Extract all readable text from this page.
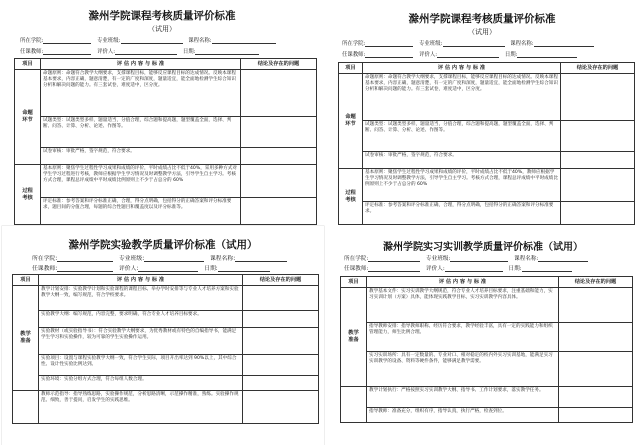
滁州学院课程考核质量评价标准
（试用）
所在学院:	专业班级:	课程名称:
任课教师:	评价人:	日期:
项目	评 估 内 容 与 标 准	结论及存在的问题
命题
环节	命题原则：命题符合教学大纲要求，支撑课程目标，能够反应课程目标的达成情况。反映本课程基本要求，内容正确，题意清楚，有一定的广度和深度，题量适宜，能全面地检测学生综合知识分析和解决问题的能力。有三套试卷，难度适中，区分度。	
	试题类型：试题类型多样，题量适当，分值合理，综合题和提高题，题型覆盖全面，选择、判断、问答、计算、分析、论述、作图等。	
	试卷审核：审批严格，签字规范，符合要求。	
过程
考核	基本原则：聚焦学生过程性学习成果和成绩的评价，平时成绩占比不低于40%，采用多种方式对学生学习过程进行考核，教师应根据学生学习情况及时调整教学方法，引导学生自主学习。考核方式合理，课程总评成绩中平时成绩比例原则上不少于占总分的 60%	
	评定标准：参考答案和评分标准正确，合理，得分点明确，包括得分的正确答案和评分标准要求，题目间的分值合理，每题的综合性题目和覆盖度以及评分标准等。	
滁州学院课程考核质量评价标准
（试用）
所在学院:	专业班级:	课程名称:
任课教师:	评价人:	日期:
项目	评 估 内 容 与 标 准	结论及存在的问题
命题
环节	命题原则：命题符合教学大纲要求，支撑课程目标，能够反应课程目标的达成情况。反映本课程基本要求，内容正确，题意清楚，有一定的广度和深度，题量适宜，能全面地检测学生综合知识分析和解决问题的能力。有三套试卷，难度适中，区分度。	
	试题类型：试题类型多样，题量适当，分值合理，综合题和提高题，题型覆盖全面，选择、判断、问答、计算、分析、论述、作图等。	
	试卷审核：审批严格，签字规范，符合要求。	
过程
考核	基本原则：聚焦学生过程性学习成果和成绩的评价，平时成绩占比不低于40%，教师应根据学生学习情况及时调整教学方法，引导学生自主学习。考核方式合理，课程总评成绩中平时成绩比例原则上不少于占总分的 60%	
	评定标准：参考答案和评分标准正确，合理，得分点明确，包括得分的正确答案和评分标准要求。	
滁州学院实验教学质量评价标准（试用）
所在学院:	专业班级:	课程名称:
任课教师:	评价人:	日期:
项目	评 估 内 容 与 标 准	结论及存在的问题
教学
准备	教学计划安排：实验教学计划和实验课程的课程目标、举办学时安排等与专业人才培养方案和实验教学大纲一致，编写规范，符合学校要求。	
	实验教学大纲：编写规范，内容完整，要求明确，符合专业人才培养目标要求。	
	实验教材（或实验指导书）：符合实验教学大纲要求，为优秀教材或有特色的自编指导书，能满足学生学习和实验操作，较为可靠的学生实验操作运用。	
	实验项目：设置与课程实验教学大纲一致，符合学生实际，项目开出率达到 90%以上，其中综合性、设计性实验比例达到。	
	实验环境：实验分组方式合理，符合每组人数合理。	
	教师示范指导：指导熟练思路，实验操作规范，分析思路清晰，示范操作精准，熟练。实验操作规范、细致，善于提问，启发学生的实践思维。	
滁州学院实习实训教学质量评价标准（试用）
所在学院:	专业班级:	课程名称:
任课教师:	评价人:	日期:
项目	评 估 内 容 与 标 准	结论及存在的问题
教学
准备	教学基本文件：实习实训教学大纲规范，符合专业人才培养目标要求，注重基础和能力，实习实训计划（方案）具体，能体现实践教学目标，实习实训教学内容具体。	
	指导教师安排：指导教师职称、经历符合要求，教学经验丰富，具有一定的实践能力和组织管理能力，师生比例合理。	
	实习实训场所：具有一定数量的、专业对口、相对稳定的校内外实习实训基地，能满足实习实训教学的设备、资料等硬件条件，能够满足教学需要。	
	教学计划执行：严格按照实习实训教学大纲、指导书、工作计划要求，落实教学任务。	
	指导教师：准备充分，组织有序，指导认真，执行严格，检查到位。	
